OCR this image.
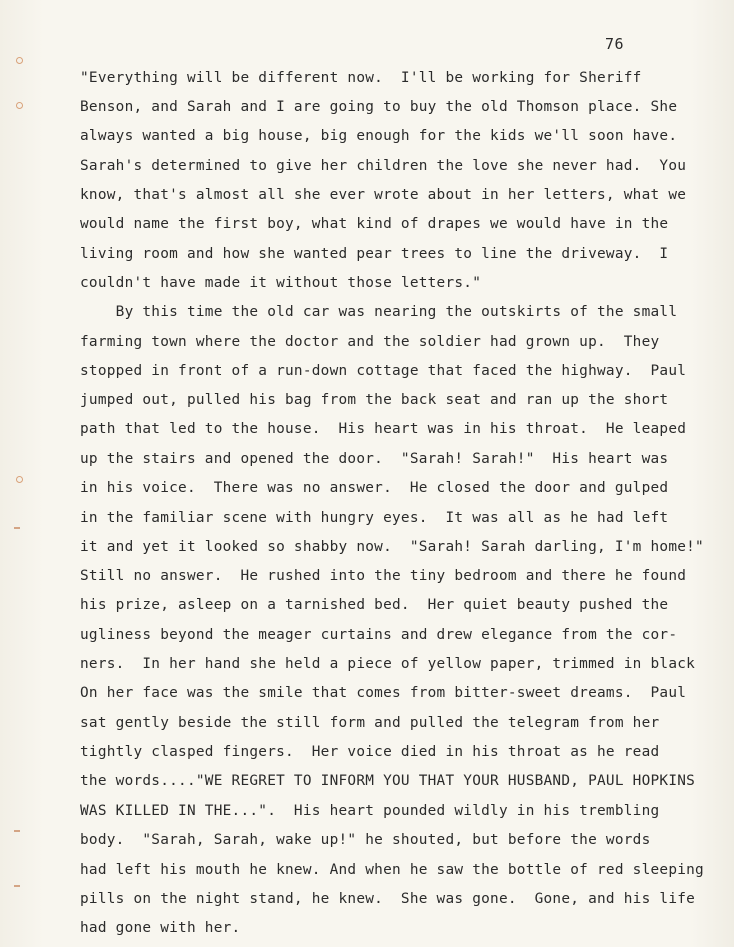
76
"Everything will be different now.  I'll be working for Sheriff
Benson, and Sarah and I are going to buy the old Thomson place. She
always wanted a big house, big enough for the kids we'll soon have.
Sarah's determined to give her children the love she never had.  You
know, that's almost all she ever wrote about in her letters, what we
would name the first boy, what kind of drapes we would have in the
living room and how she wanted pear trees to line the driveway.  I
couldn't have made it without those letters."
By this time the old car was nearing the outskirts of the small
farming town where the doctor and the soldier had grown up.  They
stopped in front of a run-down cottage that faced the highway.  Paul
jumped out, pulled his bag from the back seat and ran up the short
path that led to the house.  His heart was in his throat.  He leaped
up the stairs and opened the door.  "Sarah! Sarah!"  His heart was
in his voice.  There was no answer.  He closed the door and gulped
in the familiar scene with hungry eyes.  It was all as he had left
it and yet it looked so shabby now.  "Sarah! Sarah darling, I'm home!"
Still no answer.  He rushed into the tiny bedroom and there he found
his prize, asleep on a tarnished bed.  Her quiet beauty pushed the
ugliness beyond the meager curtains and drew elegance from the cor-
ners.  In her hand she held a piece of yellow paper, trimmed in black
On her face was the smile that comes from bitter-sweet dreams.  Paul
sat gently beside the still form and pulled the telegram from her
tightly clasped fingers.  Her voice died in his throat as he read
the words...."WE REGRET TO INFORM YOU THAT YOUR HUSBAND, PAUL HOPKINS
WAS KILLED IN THE...".  His heart pounded wildly in his trembling
body.  "Sarah, Sarah, wake up!" he shouted, but before the words
had left his mouth he knew. And when he saw the bottle of red sleeping
pills on the night stand, he knew.  She was gone.  Gone, and his life
had gone with her.
